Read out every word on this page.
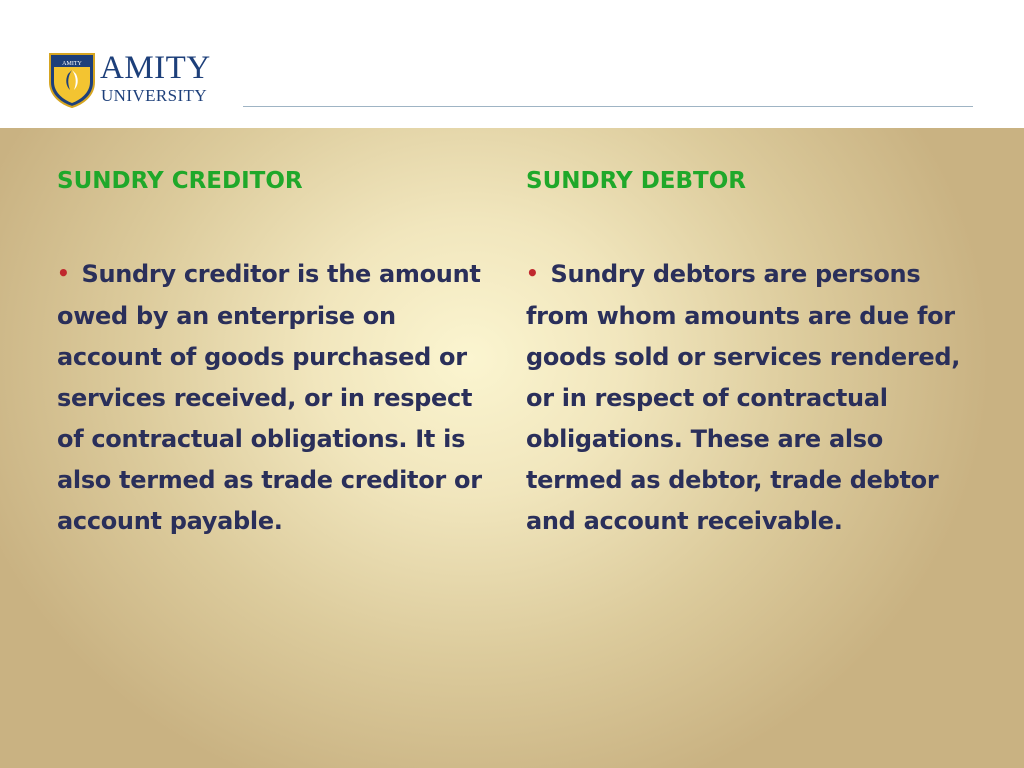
AMITY AMITY
UNIVERSITY
SUNDRY CREDITOR
• Sundry creditor is the amount owed by an enterprise on account of goods purchased or services received, or in respect of contractual obligations. It is also termed as trade creditor or account payable.
SUNDRY DEBTOR
• Sundry debtors are persons from whom amounts are due for goods sold or services rendered, or in respect of contractual obligations. These are also termed as debtor, trade debtor and account receivable.
